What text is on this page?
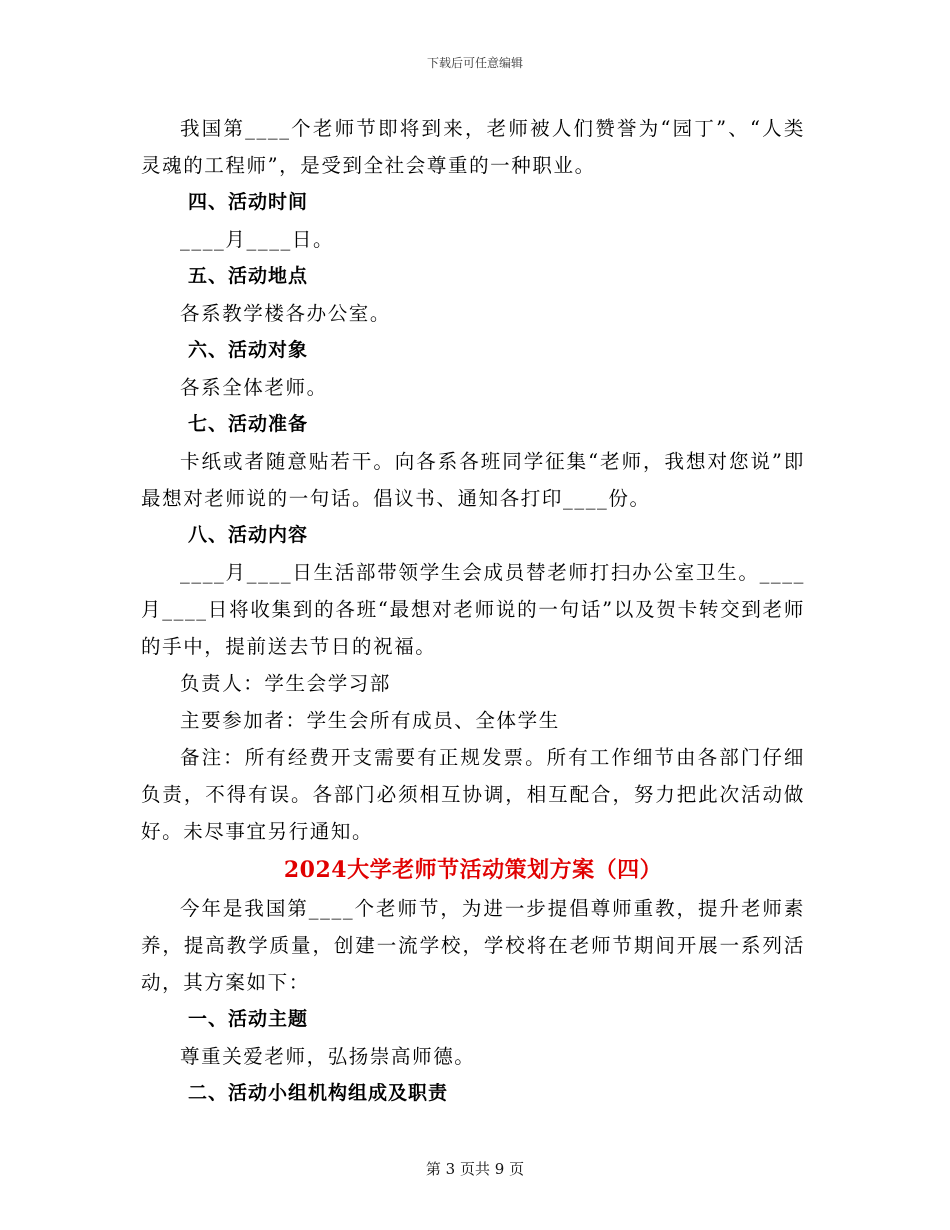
下载后可任意编辑

我国第____个老师节即将到来，老师被人们赞誉为“园丁”、“人类灵魂的工程师”，是受到全社会尊重的一种职业。

四、活动时间

____月____日。

五、活动地点

各系教学楼各办公室。

六、活动对象

各系全体老师。

七、活动准备

卡纸或者随意贴若干。向各系各班同学征集“老师，我想对您说”即最想对老师说的一句话。倡议书、通知各打印____份。

八、活动内容

____月____日生活部带领学生会成员替老师打扫办公室卫生。____月____日将收集到的各班“最想对老师说的一句话”以及贺卡转交到老师的手中，提前送去节日的祝福。

负责人：学生会学习部

主要参加者：学生会所有成员、全体学生

备注：所有经费开支需要有正规发票。所有工作细节由各部门仔细负责，不得有误。各部门必须相互协调，相互配合，努力把此次活动做好。未尽事宜另行通知。

2024大学老师节活动策划方案（四）

今年是我国第____个老师节，为进一步提倡尊师重教，提升老师素养，提高教学质量，创建一流学校，学校将在老师节期间开展一系列活动，其方案如下：

一、活动主题

尊重关爱老师，弘扬崇高师德。

二、活动小组机构组成及职责

第 3 页共 9 页
